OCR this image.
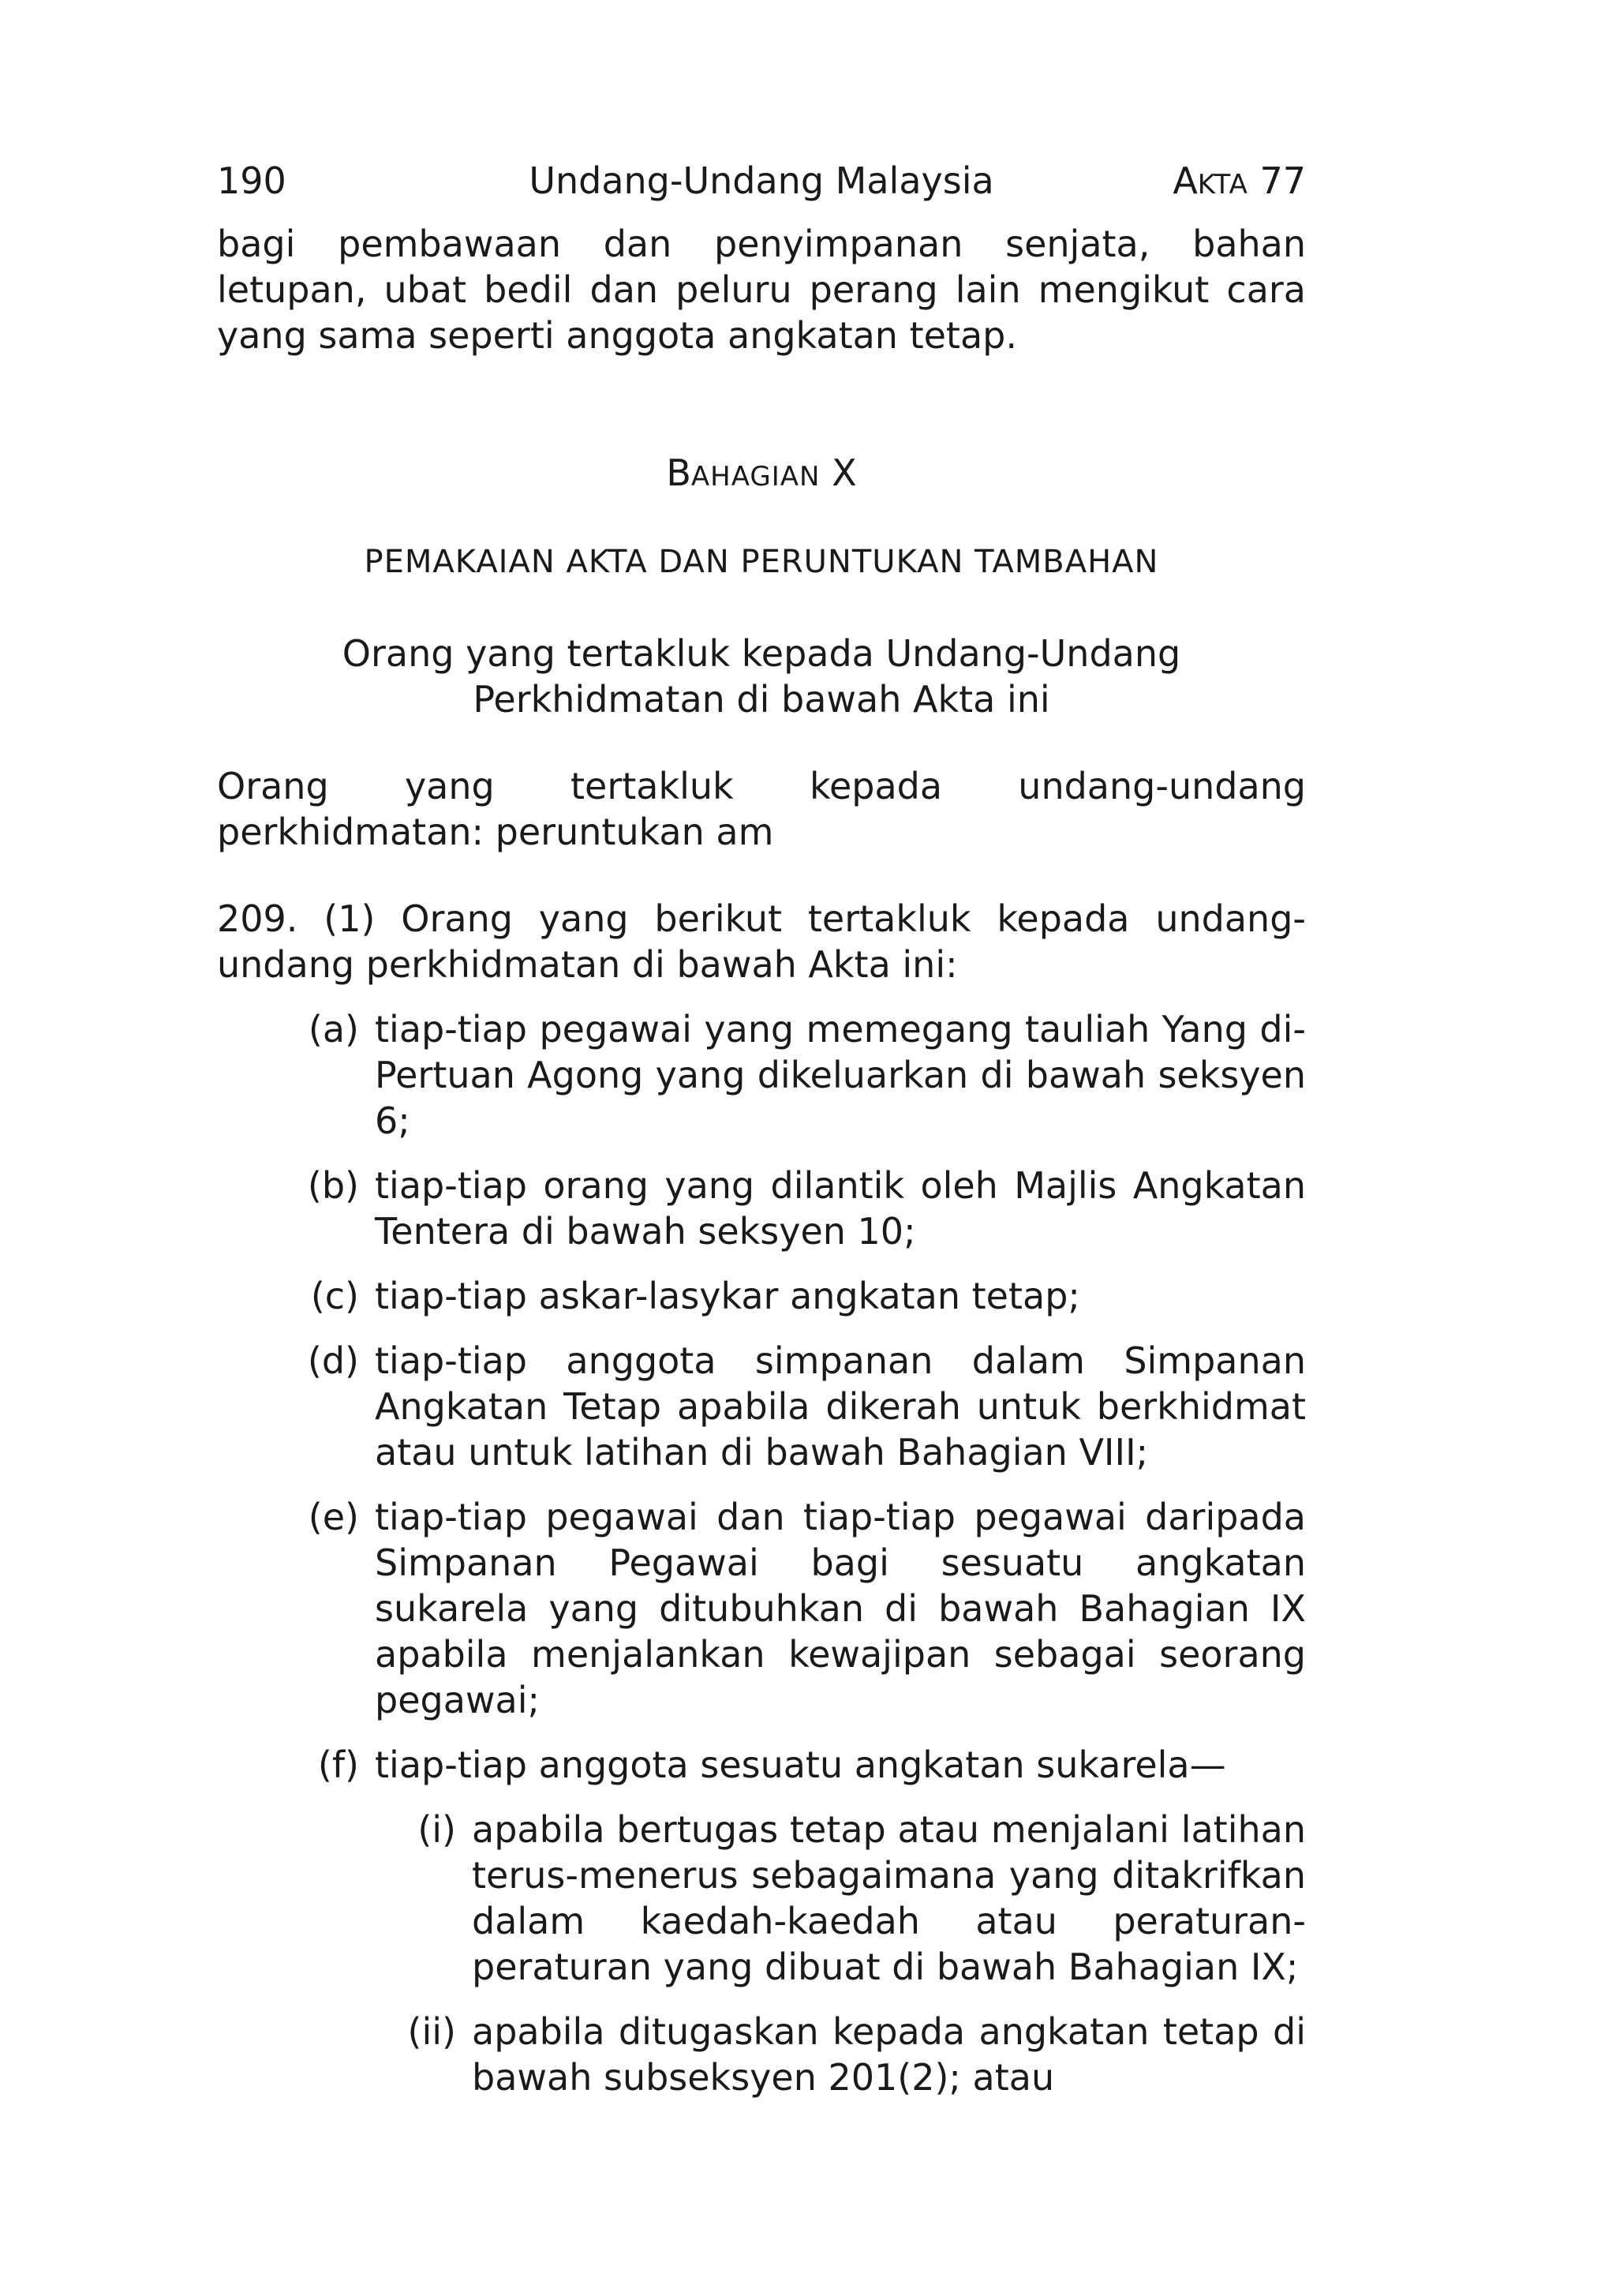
190	Undang-Undang Malaysia	AKTA 77
bagi pembawaan dan penyimpanan senjata, bahan letupan, ubat bedil dan peluru perang lain mengikut cara yang sama seperti anggota angkatan tetap.
BAHAGIAN X
PEMAKAIAN AKTA DAN PERUNTUKAN TAMBAHAN
Orang yang tertakluk kepada Undang-Undang Perkhidmatan di bawah Akta ini
Orang yang tertakluk kepada undang-undang perkhidmatan: peruntukan am
209. (1) Orang yang berikut tertakluk kepada undang-undang perkhidmatan di bawah Akta ini:
(a) tiap-tiap pegawai yang memegang tauliah Yang di-Pertuan Agong yang dikeluarkan di bawah seksyen 6;
(b) tiap-tiap orang yang dilantik oleh Majlis Angkatan Tentera di bawah seksyen 10;
(c) tiap-tiap askar-lasykar angkatan tetap;
(d) tiap-tiap anggota simpanan dalam Simpanan Angkatan Tetap apabila dikerah untuk berkhidmat atau untuk latihan di bawah Bahagian VIII;
(e) tiap-tiap pegawai dan tiap-tiap pegawai daripada Simpanan Pegawai bagi sesuatu angkatan sukarela yang ditubuhkan di bawah Bahagian IX apabila menjalankan kewajipan sebagai seorang pegawai;
(f) tiap-tiap anggota sesuatu angkatan sukarela—
(i) apabila bertugas tetap atau menjalani latihan terus-menerus sebagaimana yang ditakrifkan dalam kaedah-kaedah atau peraturan-peraturan yang dibuat di bawah Bahagian IX;
(ii) apabila ditugaskan kepada angkatan tetap di bawah subseksyen 201(2); atau
